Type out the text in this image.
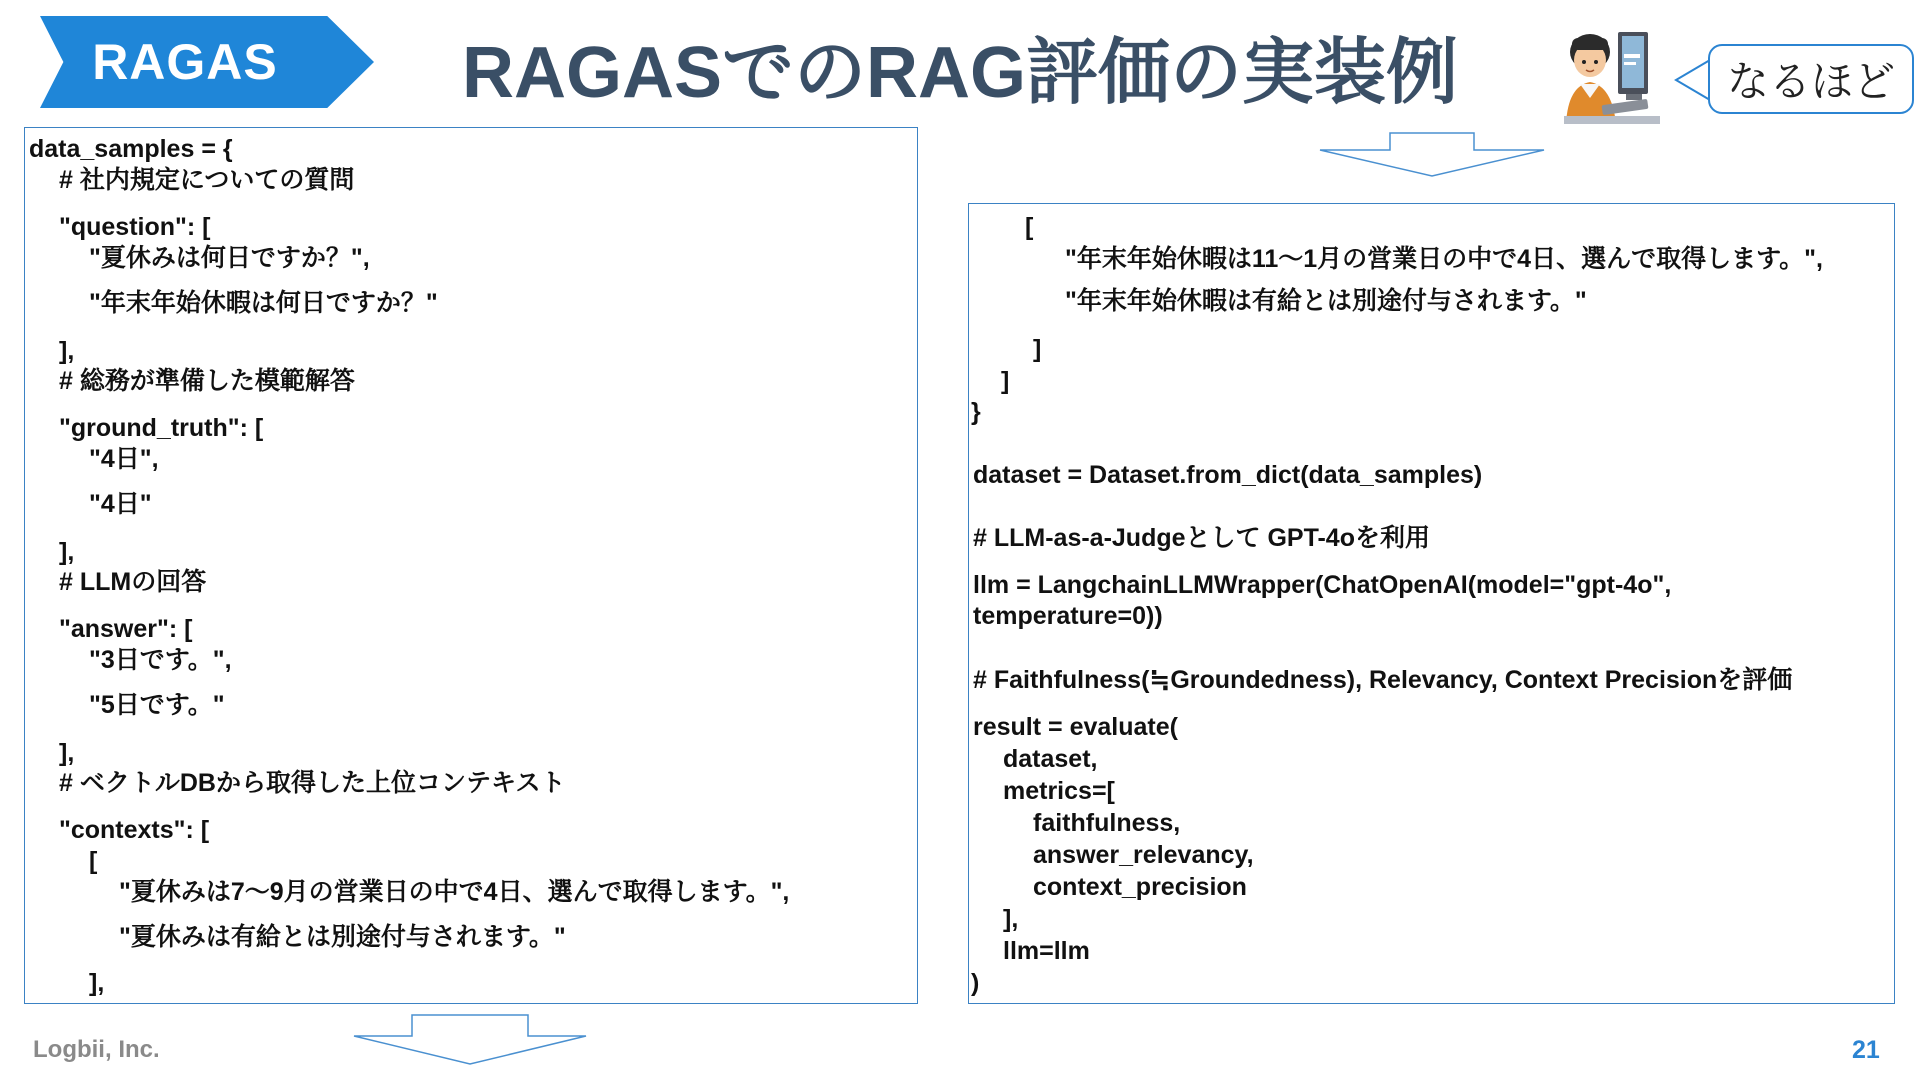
RAGAS	RAGASでのRAG評価の実装例	なるほど
data_samples = {
# 社内規定についての質問
"question": [
"夏休みは何日ですか？",
"年末年始休暇は何日ですか？"
],
# 総務が準備した模範解答
"ground_truth": [
"4日",
"4日"
],
# LLMの回答
"answer": [
"3日です。",
"5日です。"
],
# ベクトルDBから取得した上位コンテキスト
"contexts": [
[
"夏休みは7〜9月の営業日の中で4日、選んで取得します。",
"夏休みは有給とは別途付与されます。"
],
[
"年末年始休暇は11〜1月の営業日の中で4日、選んで取得します。",
"年末年始休暇は有給とは別途付与されます。"
]
]
}
dataset = Dataset.from_dict(data_samples)
# LLM-as-a-Judgeとして GPT-4oを利用
llm = LangchainLLMWrapper(ChatOpenAI(model="gpt-4o",
temperature=0))
# Faithfulness(≒Groundedness), Relevancy, Context Precisionを評価
result = evaluate(
dataset,
metrics=[
faithfulness,
answer_relevancy,
context_precision
],
llm=llm
)
Logbii, Inc.	21
